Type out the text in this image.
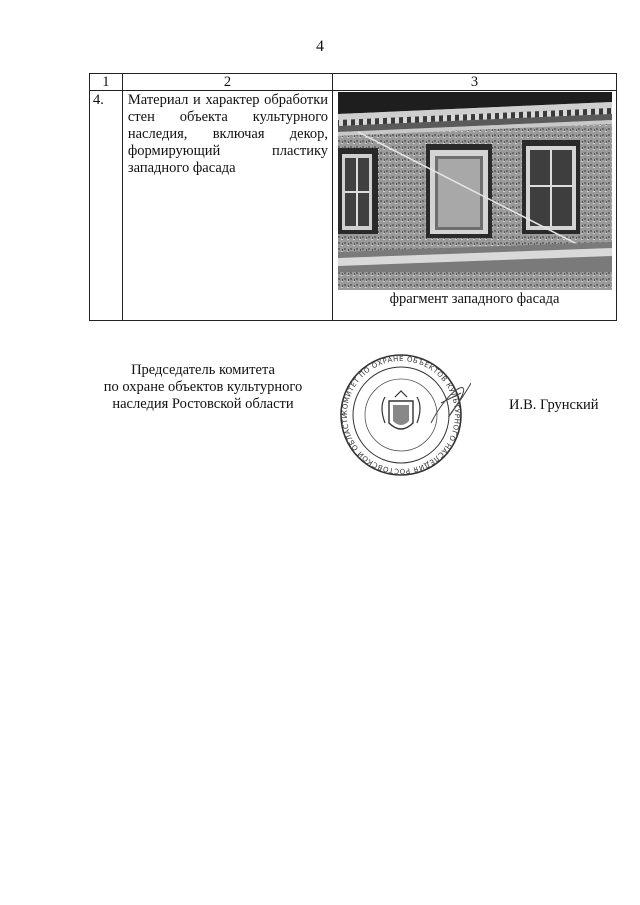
4
1	2	3
4.	Материал и характер обработки стен объекта культурного наследия, включая декор, формирующий пластику западного фасада	фрагмент западного фасада
Председатель комитета
по охране объектов культурного
наследия Ростовской области
КОМИТЕТ ПО ОХРАНЕ ОБЪЕКТОВ КУЛЬТУРНОГО НАСЛЕДИЯ РОСТОВСКОЙ ОБЛАСТИ
И.В. Грунский
